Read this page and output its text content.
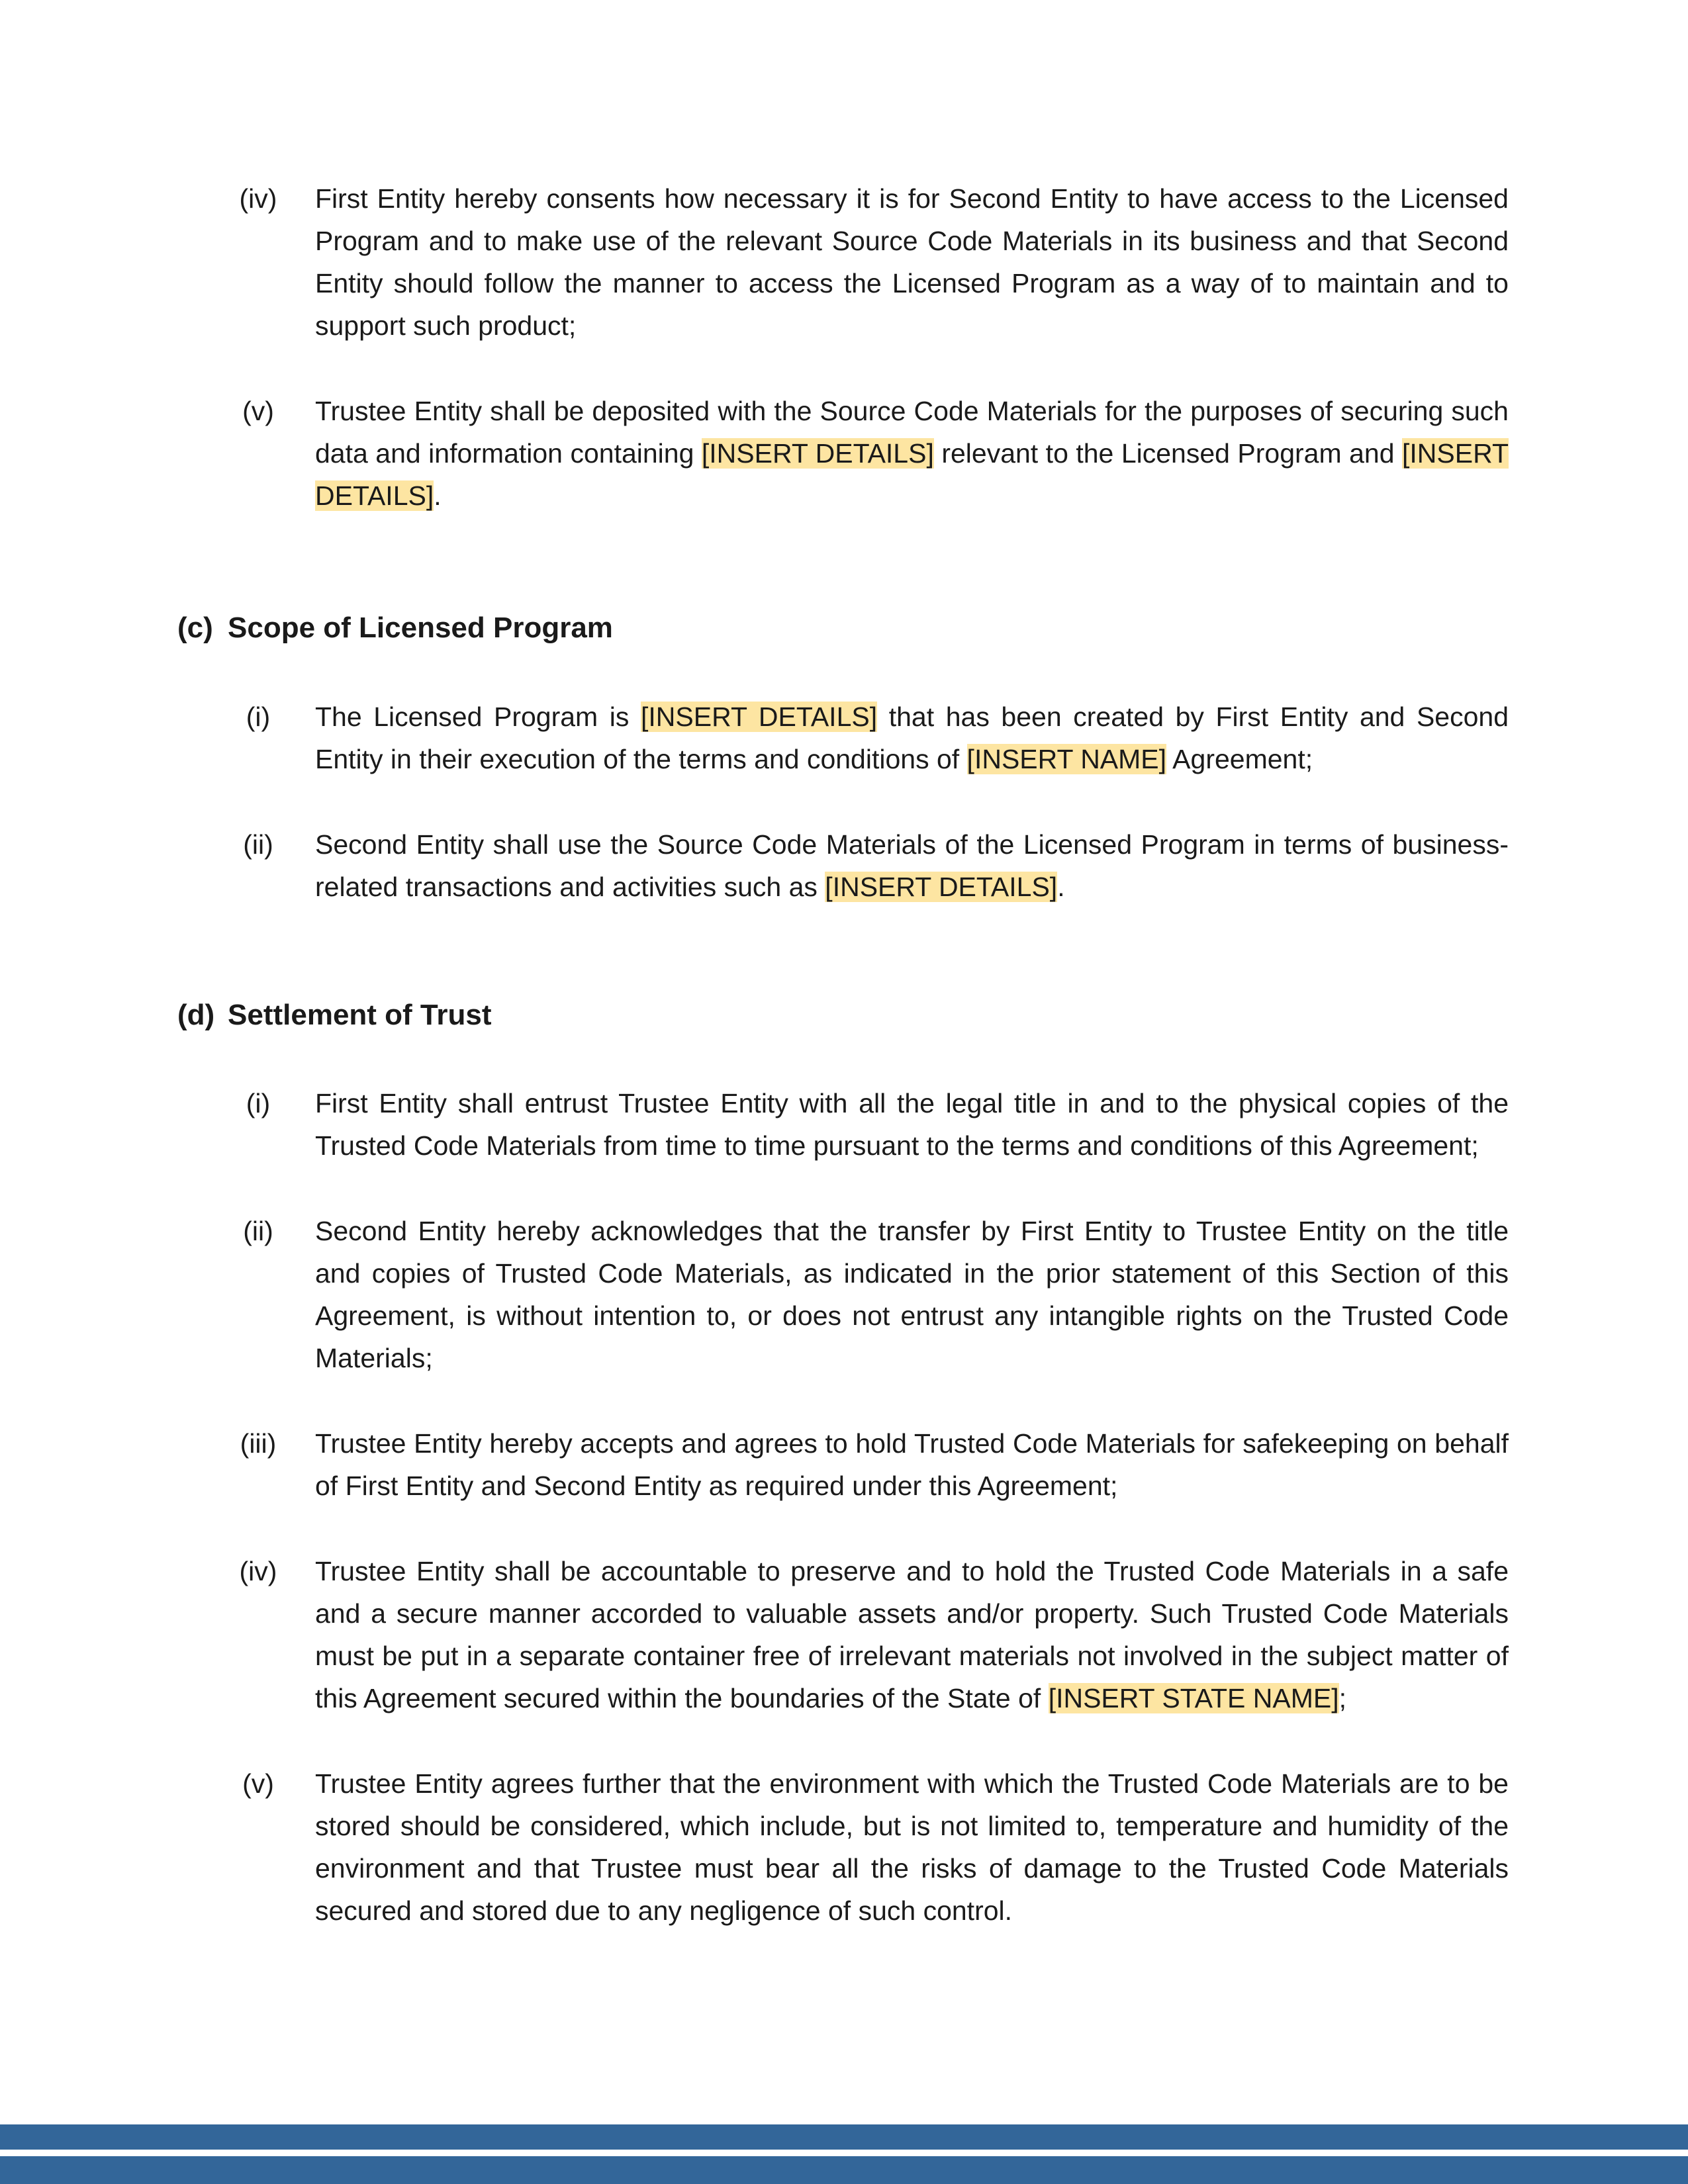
(iv)	First Entity hereby consents how necessary it is for Second Entity to have access to the Licensed Program and to make use of the relevant Source Code Materials in its business and that Second Entity should follow the manner to access the Licensed Program as a way of to maintain and to support such product;
(v)	Trustee Entity shall be deposited with the Source Code Materials for the purposes of securing such data and information containing [INSERT DETAILS] relevant to the Licensed Program and [INSERT DETAILS].
(c) Scope of Licensed Program
(i)	The Licensed Program is [INSERT DETAILS] that has been created by First Entity and Second Entity in their execution of the terms and conditions of [INSERT NAME] Agreement;
(ii)	Second Entity shall use the Source Code Materials of the Licensed Program in terms of business-related transactions and activities such as [INSERT DETAILS].
(d) Settlement of Trust
(i)	First Entity shall entrust Trustee Entity with all the legal title in and to the physical copies of the Trusted Code Materials from time to time pursuant to the terms and conditions of this Agreement;
(ii)	Second Entity hereby acknowledges that the transfer by First Entity to Trustee Entity on the title and copies of Trusted Code Materials, as indicated in the prior statement of this Section of this Agreement, is without intention to, or does not entrust any intangible rights on the Trusted Code Materials;
(iii)	Trustee Entity hereby accepts and agrees to hold Trusted Code Materials for safekeeping on behalf of First Entity and Second Entity as required under this Agreement;
(iv)	Trustee Entity shall be accountable to preserve and to hold the Trusted Code Materials in a safe and a secure manner accorded to valuable assets and/or property. Such Trusted Code Materials must be put in a separate container free of irrelevant materials not involved in the subject matter of this Agreement secured within the boundaries of the State of [INSERT STATE NAME];
(v)	Trustee Entity agrees further that the environment with which the Trusted Code Materials are to be stored should be considered, which include, but is not limited to, temperature and humidity of the environment and that Trustee must bear all the risks of damage to the Trusted Code Materials secured and stored due to any negligence of such control.
